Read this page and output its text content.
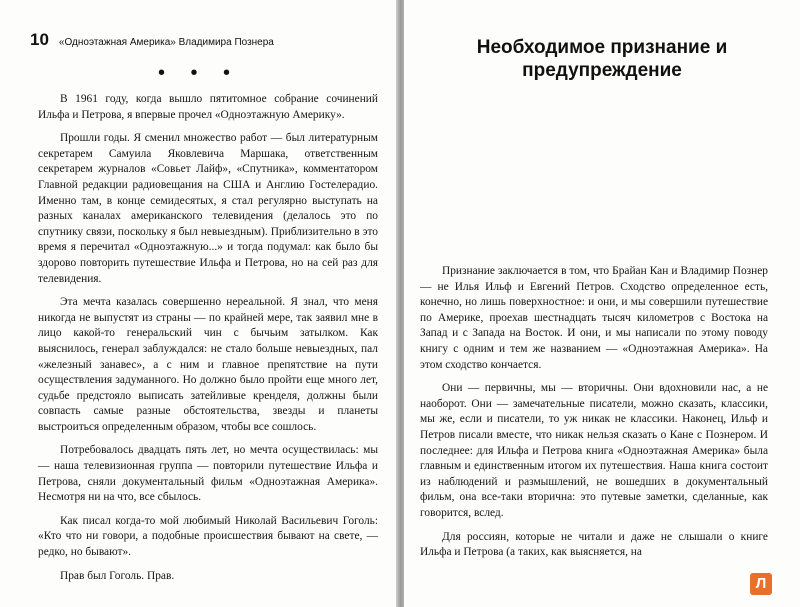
10 «Одноэтажная Америка» Владимира Познера
• • •

В 1961 году, когда вышло пятитомное собрание сочинений Ильфа и Петрова, я впервые прочел «Одноэтажную Америку».

Прошли годы. Я сменил множество работ — был литературным секретарем Самуила Яковлевича Маршака, ответственным секретарем журналов «Совьет Лайф», «Спутника», комментатором Главной редакции радиовещания на США и Англию Гостелерадио. Именно там, в конце семидесятых, я стал регулярно выступать на разных каналах американского телевидения (делалось это по спутнику связи, поскольку я был невыездным). Приблизительно в это время я перечитал «Одноэтажную...» и тогда подумал: как было бы здорово повторить путешествие Ильфа и Петрова, но на сей раз для телевидения.

Эта мечта казалась совершенно нереальной. Я знал, что меня никогда не выпустят из страны — по крайней мере, так заявил мне в лицо какой-то генеральский чин с бычьим затылком. Как выяснилось, генерал заблуждался: не стало больше невыездных, пал «железный занавес», а с ним и главное препятствие на пути осуществления задуманного. Но должно было пройти еще много лет, судьбе предстояло выписать затейливые кренделя, должны были совпасть самые разные обстоятельства, звезды и планеты выстроиться определенным образом, чтобы все сошлось.

Потребовалось двадцать пять лет, но мечта осуществилась: мы — наша телевизионная группа — повторили путешествие Ильфа и Петрова, сняли документальный фильм «Одноэтажная Америка». Несмотря ни на что, все сбылось.

Как писал когда-то мой любимый Николай Васильевич Гоголь: «Кто что ни говори, а подобные происшествия бывают на свете, — редко, но бывают».

Прав был Гоголь. Прав.

Необходимое признание и предупреждение

Признание заключается в том, что Брайан Кан и Владимир Познер — не Илья Ильф и Евгений Петров. Сходство определенное есть, конечно, но лишь поверхностное: и они, и мы совершили путешествие по Америке, проехав шестнадцать тысяч километров с Востока на Запад и с Запада на Восток. И они, и мы написали по этому поводу книгу с одним и тем же названием — «Одноэтажная Америка». На этом сходство кончается.

Они — первичны, мы — вторичны. Они вдохновили нас, а не наоборот. Они — замечательные писатели, можно сказать, классики, мы же, если и писатели, то уж никак не классики. Наконец, Ильф и Петров писали вместе, что никак нельзя сказать о Кане с Познером. И последнее: для Ильфа и Петрова книга «Одноэтажная Америка» была главным и единственным итогом их путешествия. Наша книга состоит из наблюдений и размышлений, не вошедших в документальный фильм, она все-таки вторична: это путевые заметки, сделанные, как говорится, вслед.

Для россиян, которые не читали и даже не слышали о книге Ильфа и Петрова (а таких, как выясняется, на

Л
